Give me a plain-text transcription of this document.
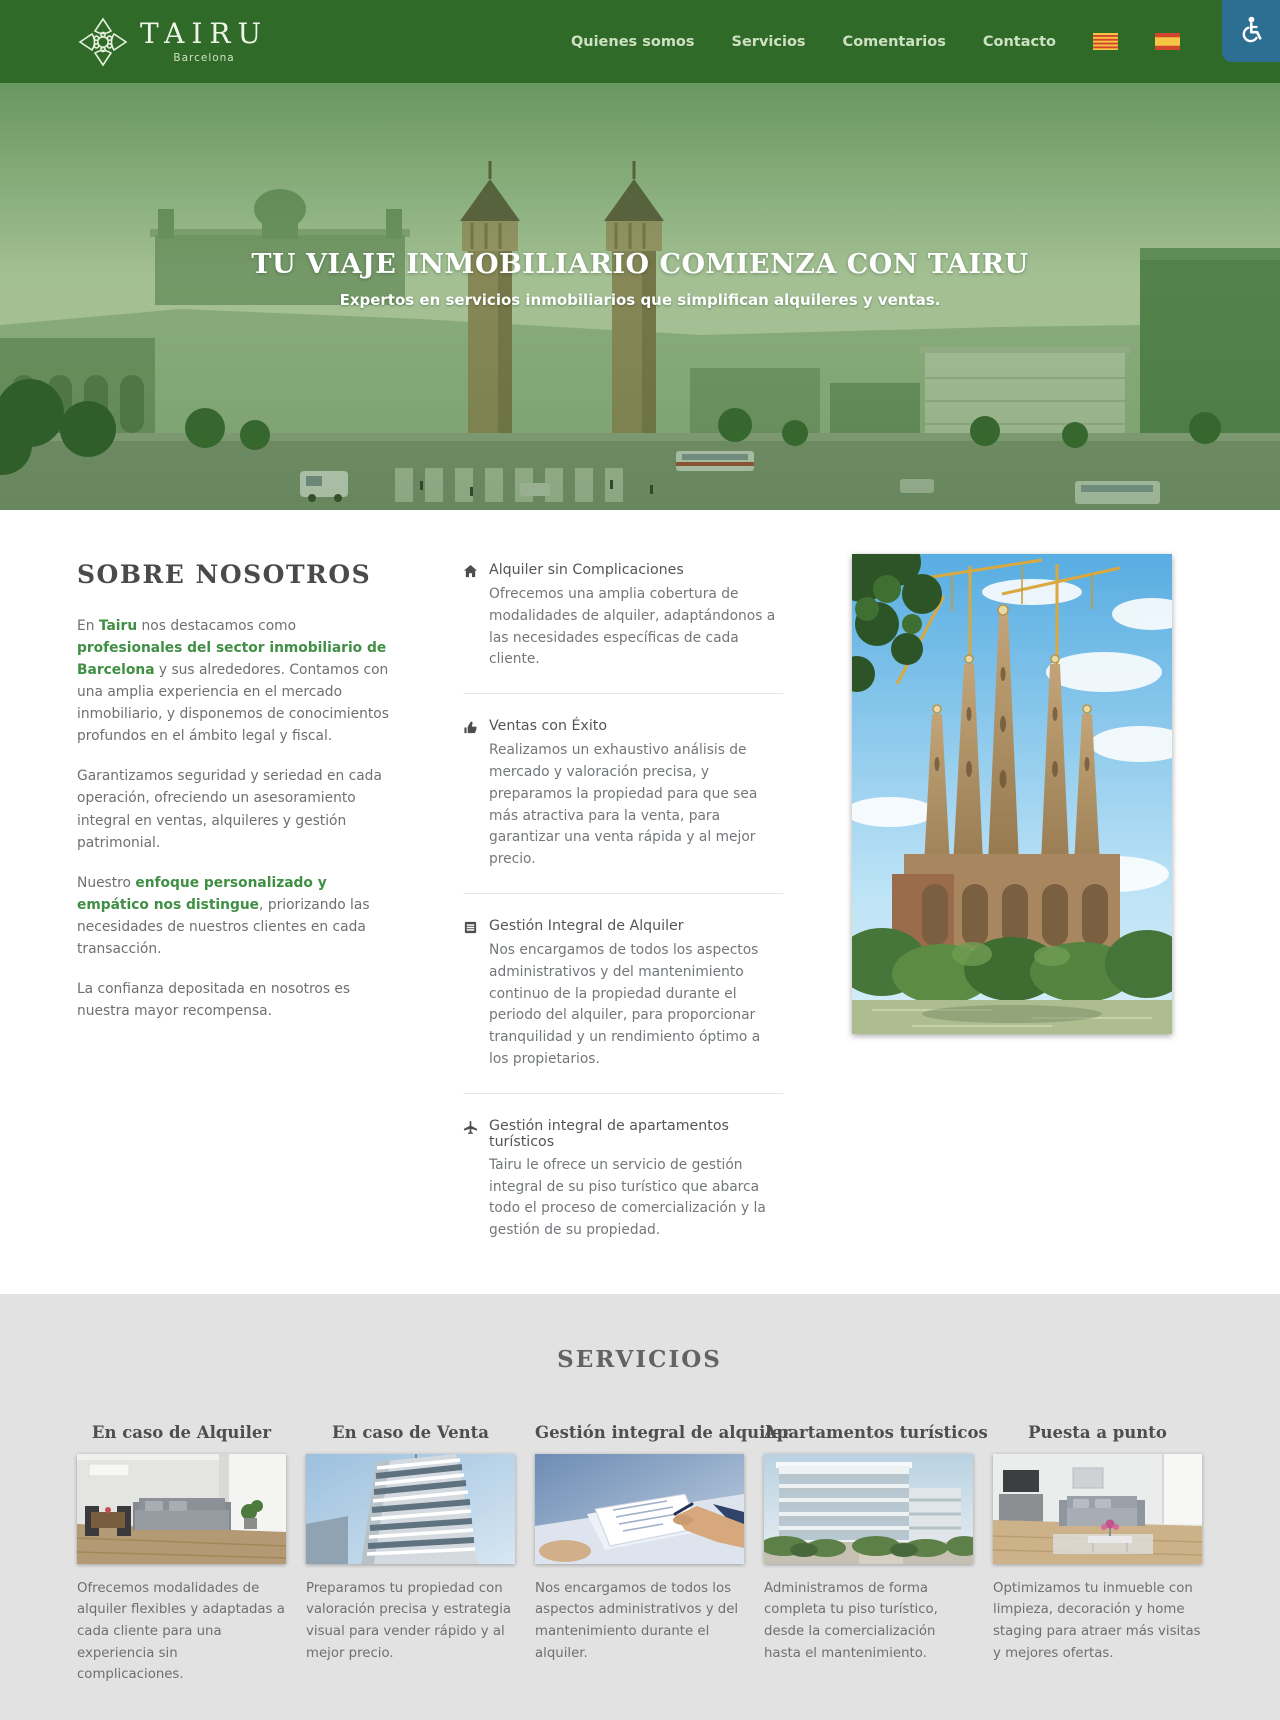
TAIRU
Barcelona
Quienes somos	Servicios	Comentarios	Contacto
TU VIAJE INMOBILIARIO COMIENZA CON TAIRU
Expertos en servicios inmobiliarios que simplifican alquileres y ventas.
SOBRE NOSOTROS

En Tairu nos destacamos como profesionales del sector inmobiliario de Barcelona y sus alrededores. Contamos con una amplia experiencia en el mercado inmobiliario, y disponemos de conocimientos profundos en el ámbito legal y fiscal.

Garantizamos seguridad y seriedad en cada operación, ofreciendo un asesoramiento integral en ventas, alquileres y gestión patrimonial.

Nuestro enfoque personalizado y empático nos distingue, priorizando las necesidades de nuestros clientes en cada transacción.

La confianza depositada en nosotros es nuestra mayor recompensa.

Alquiler sin Complicaciones
Ofrecemos una amplia cobertura de modalidades de alquiler, adaptándonos a las necesidades específicas de cada cliente.
Ventas con Éxito
Realizamos un exhaustivo análisis de mercado y valoración precisa, y preparamos la propiedad para que sea más atractiva para la venta, para garantizar una venta rápida y al mejor precio.
Gestión Integral de Alquiler
Nos encargamos de todos los aspectos administrativos y del mantenimiento continuo de la propiedad durante el periodo del alquiler, para proporcionar tranquilidad y un rendimiento óptimo a los propietarios.
Gestión integral de apartamentos turísticos
Tairu le ofrece un servicio de gestión integral de su piso turístico que abarca todo el proceso de comercialización y la gestión de su propiedad.
SERVICIOS
En caso de Alquiler
Ofrecemos modalidades de alquiler flexibles y adaptadas a cada cliente para una experiencia sin complicaciones.
En caso de Venta
Preparamos tu propiedad con valoración precisa y estrategia visual para vender rápido y al mejor precio.
Gestión integral de alquiler
Nos encargamos de todos los aspectos administrativos y del mantenimiento durante el alquiler.
Apartamentos turísticos
Administramos de forma completa tu piso turístico, desde la comercialización hasta el mantenimiento.
Puesta a punto
Optimizamos tu inmueble con limpieza, decoración y home staging para atraer más visitas y mejores ofertas.
